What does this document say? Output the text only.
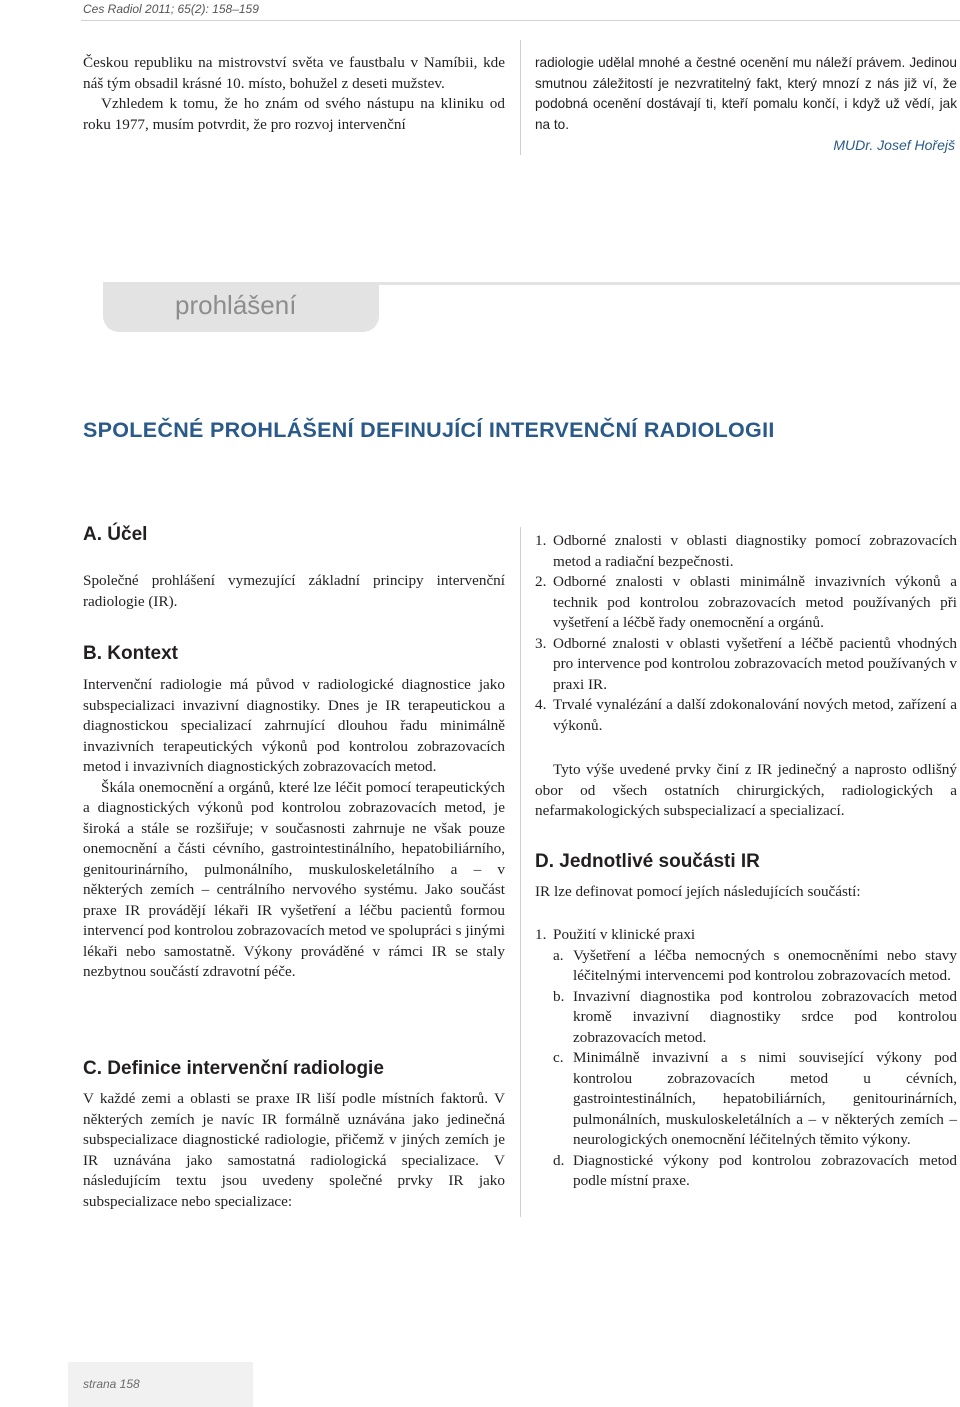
Ces Radiol 2011; 65(2): 158–159

Českou republiku na mistrovství světa ve faustbalu v Namíbii, kde náš tým obsadil krásné 10. místo, bohužel z deseti mužstev.

Vzhledem k tomu, že ho znám od svého nástupu na kliniku od roku 1977, musím potvrdit, že pro rozvoj intervenční

radiologie udělal mnohé a čestné ocenění mu náleží právem. Jedinou smutnou záležitostí je nezvratitelný fakt, který mnozí z nás již ví, že podobná ocenění dostávají ti, kteří pomalu končí, i když už vědí, jak na to.

MUDr. Josef Hořejš
prohlášení
SPOLEČNÉ PROHLÁŠENÍ DEFINUJÍCÍ INTERVENČNÍ RADIOLOGII
A. Účel

Společné prohlášení vymezující základní principy intervenční radiologie (IR).

B. Kontext

Intervenční radiologie má původ v radiologické diagnostice jako subspecializaci invazivní diagnostiky. Dnes je IR terapeutickou a diagnostickou specializací zahrnující dlouhou řadu minimálně invazivních terapeutických výkonů pod kontrolou zobrazovacích metod i invazivních diagnostických zobrazovacích metod.

Škála onemocnění a orgánů, které lze léčit pomocí terapeutických a diagnostických výkonů pod kontrolou zobrazovacích metod, je široká a stále se rozšiřuje; v současnosti zahrnuje ne však pouze onemocnění a části cévního, gastrointestinálního, hepatobiliárního, genitourinárního, pulmonálního, muskuloskeletálního a – v některých zemích – centrálního nervového systému. Jako součást praxe IR provádějí lékaři IR vyšetření a léčbu pacientů formou intervencí pod kontrolou zobrazovacích metod ve spolupráci s jinými lékaři nebo samostatně. Výkony prováděné v rámci IR se staly nezbytnou součástí zdravotní péče.

C. Definice intervenční radiologie

V každé zemi a oblasti se praxe IR liší podle místních faktorů. V některých zemích je navíc IR formálně uznávána jako jedinečná subspecializace diagnostické radiologie, přičemž v jiných zemích je IR uznávána jako samostatná radiologická specializace. V následujícím textu jsou uvedeny společné prvky IR jako subspecializace nebo specializace:

1. Odborné znalosti v oblasti diagnostiky pomocí zobrazovacích metod a radiační bezpečnosti.
2. Odborné znalosti v oblasti minimálně invazivních výkonů a technik pod kontrolou zobrazovacích metod používaných při vyšetření a léčbě řady onemocnění a orgánů.
3. Odborné znalosti v oblasti vyšetření a léčbě pacientů vhodných pro intervence pod kontrolou zobrazovacích metod používaných v praxi IR.
4. Trvalé vynalézání a další zdokonalování nových metod, zařízení a výkonů.

Tyto výše uvedené prvky činí z IR jedinečný a naprosto odlišný obor od všech ostatních chirurgických, radiologických a nefarmakologických subspecializací a specializací.

D. Jednotlivé součásti IR

IR lze definovat pomocí jejích následujících součástí:

1. Použití v klinické praxi
a. Vyšetření a léčba nemocných s onemocněními nebo stavy léčitelnými intervencemi pod kontrolou zobrazovacích metod.
b. Invazivní diagnostika pod kontrolou zobrazovacích metod kromě invazivní diagnostiky srdce pod kontrolou zobrazovacích metod.
c. Minimálně invazivní a s nimi související výkony pod kontrolou zobrazovacích metod u cévních, gastrointestinálních, hepatobiliárních, genitourinárních, pulmonálních, muskuloskeletálních a – v některých zemích – neurologických onemocnění léčitelných těmito výkony.
d. Diagnostické výkony pod kontrolou zobrazovacích metod podle místní praxe.
strana 158
